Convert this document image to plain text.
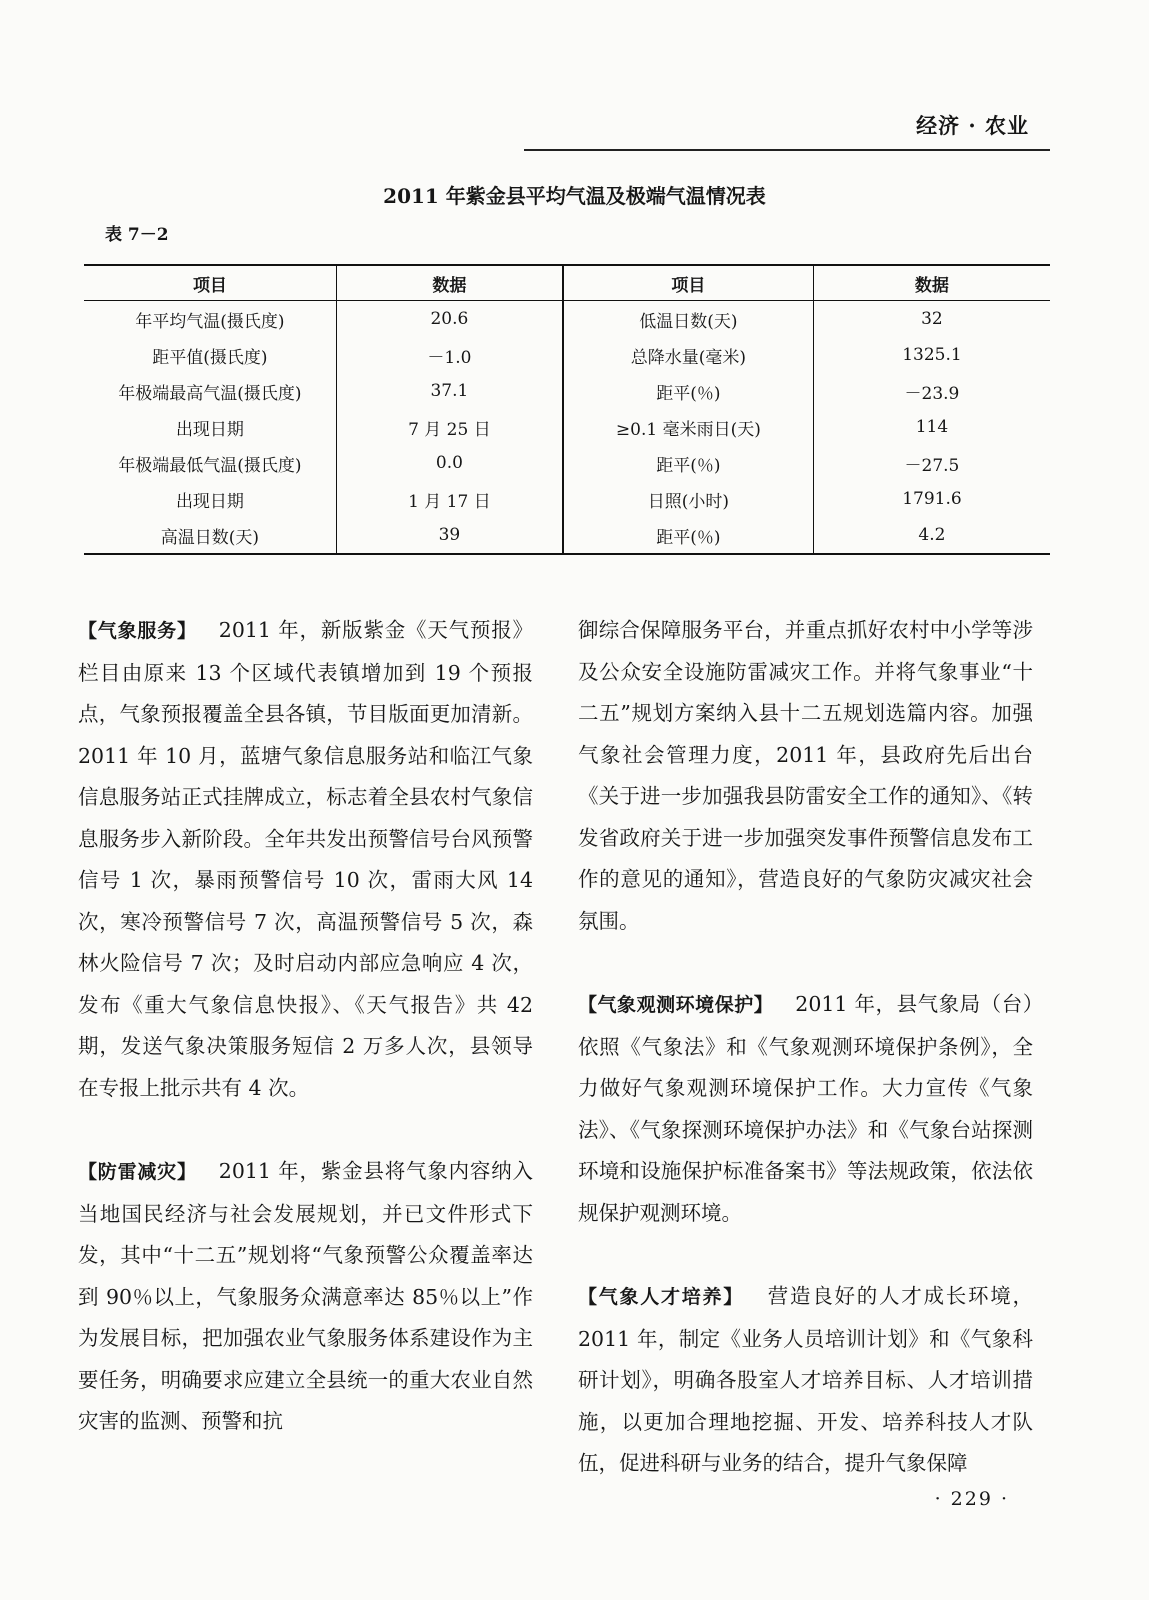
经济 · 农业
2011 年紫金县平均气温及极端气温情况表
表 7－2
项目	数据	项目	数据
年平均气温(摄氏度)	20.6	低温日数(天)	32
距平值(摄氏度)	－1.0	总降水量(毫米)	1325.1
年极端最高气温(摄氏度)	37.1	距平(％)	－23.9
出现日期	7 月 25 日	≥0.1 毫米雨日(天)	114
年极端最低气温(摄氏度)	0.0	距平(％)	－27.5
出现日期	1 月 17 日	日照(小时)	1791.6
高温日数(天)	39	距平(％)	4.2

【气象服务】 2011 年，新版紫金《天气预报》栏目由原来 13 个区域代表镇增加到 19 个预报点，气象预报覆盖全县各镇，节目版面更加清新。2011 年 10 月，蓝塘气象信息服务站和临江气象信息服务站正式挂牌成立，标志着全县农村气象信息服务步入新阶段。全年共发出预警信号台风预警信号 1 次，暴雨预警信号 10 次，雷雨大风 14 次，寒冷预警信号 7 次，高温预警信号 5 次，森林火险信号 7 次；及时启动内部应急响应 4 次，发布《重大气象信息快报》、《天气报告》共 42 期，发送气象决策服务短信 2 万多人次，县领导在专报上批示共有 4 次。

【防雷减灾】 2011 年，紫金县将气象内容纳入当地国民经济与社会发展规划，并已文件形式下发，其中“十二五”规划将“气象预警公众覆盖率达到 90％以上，气象服务众满意率达 85％以上”作为发展目标，把加强农业气象服务体系建设作为主要任务，明确要求应建立全县统一的重大农业自然灾害的监测、预警和抗

御综合保障服务平台，并重点抓好农村中小学等涉及公众安全设施防雷减灾工作。并将气象事业“十二五”规划方案纳入县十二五规划选篇内容。加强气象社会管理力度，2011 年，县政府先后出台《关于进一步加强我县防雷安全工作的通知》、《转发省政府关于进一步加强突发事件预警信息发布工作的意见的通知》，营造良好的气象防灾减灾社会氛围。

【气象观测环境保护】 2011 年，县气象局（台）依照《气象法》和《气象观测环境保护条例》，全力做好气象观测环境保护工作。大力宣传《气象法》、《气象探测环境保护办法》和《气象台站探测环境和设施保护标准备案书》等法规政策，依法依规保护观测环境。

【气象人才培养】 营造良好的人才成长环境，2011 年，制定《业务人员培训计划》和《气象科研计划》，明确各股室人才培养目标、人才培训措施，以更加合理地挖掘、开发、培养科技人才队伍，促进科研与业务的结合，提升气象保障

· 229 ·
